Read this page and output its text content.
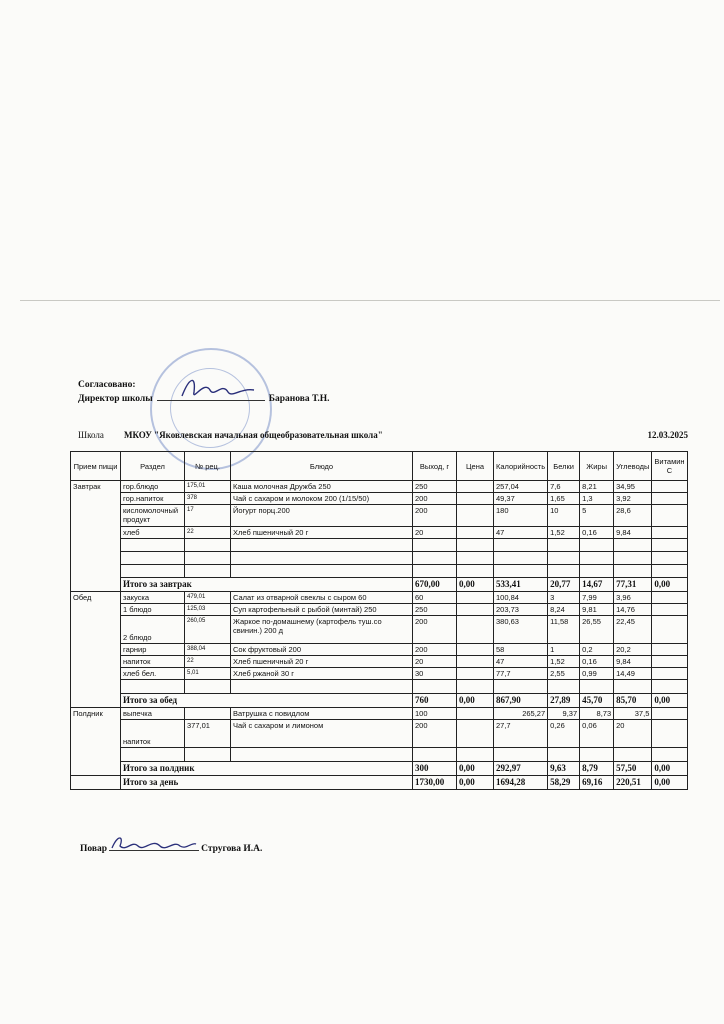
Согласовано:
Директор школы	Баранова Т.Н.
Школа МКОУ "Яковлевская начальная общеобразовательная школа"	12.03.2025
Прием пищи	Раздел	№ рец.	Блюдо	Выход, г	Цена	Калорийность	Белки	Жиры	Углеводы	Витамин С
Завтрак	гор.блюдо	175,01	Каша молочная Дружба 250	250		257,04	7,6	8,21	34,95	
	гор.напиток	378	Чай с сахаром и молоком 200 (1/15/50)	200		49,37	1,65	1,3	3,92	
	кисломолочный продукт	17	Йогурт порц.200	200		180	10	5	28,6	
	хлеб	22	Хлеб пшеничный 20 г	20		47	1,52	0,16	9,84	

	Итого за завтрак			670,00	0,00	533,41	20,77	14,67	77,31	0,00
Обед	закуска	479,01	Салат из отварной свеклы с сыром 60	60		100,84	3	7,99	3,96	
	1 блюдо	125,03	Суп картофельный с рыбой (минтай) 250	250		203,73	8,24	9,81	14,76	
	2 блюдо	260,05	Жаркое по-домашнему (картофель туш.со свинин.) 200 д	200		380,63	11,58	26,55	22,45	
	гарнир	388,04	Сок фруктовый 200	200		58	1	0,2	20,2	
	напиток	22	Хлеб пшеничный 20 г	20		47	1,52	0,16	9,84	
	хлеб бел.	5,01	Хлеб ржаной 30 г	30		77,7	2,55	0,99	14,49	

	Итого за обед			760	0,00	867,90	27,89	45,70	85,70	0,00
Полдник	выпечка		Ватрушка с повидлом	100		265,27	9,37	8,73	37,5	
	напиток	377,01	Чай с сахаром и лимоном	200		27,7	0,26	0,06	20	

	Итого за полдник			300	0,00	292,97	9,63	8,79	57,50	0,00
	Итого за день			1730,00	0,00	1694,28	58,29	69,16	220,51	0,00
Повар	Стругова И.А.
